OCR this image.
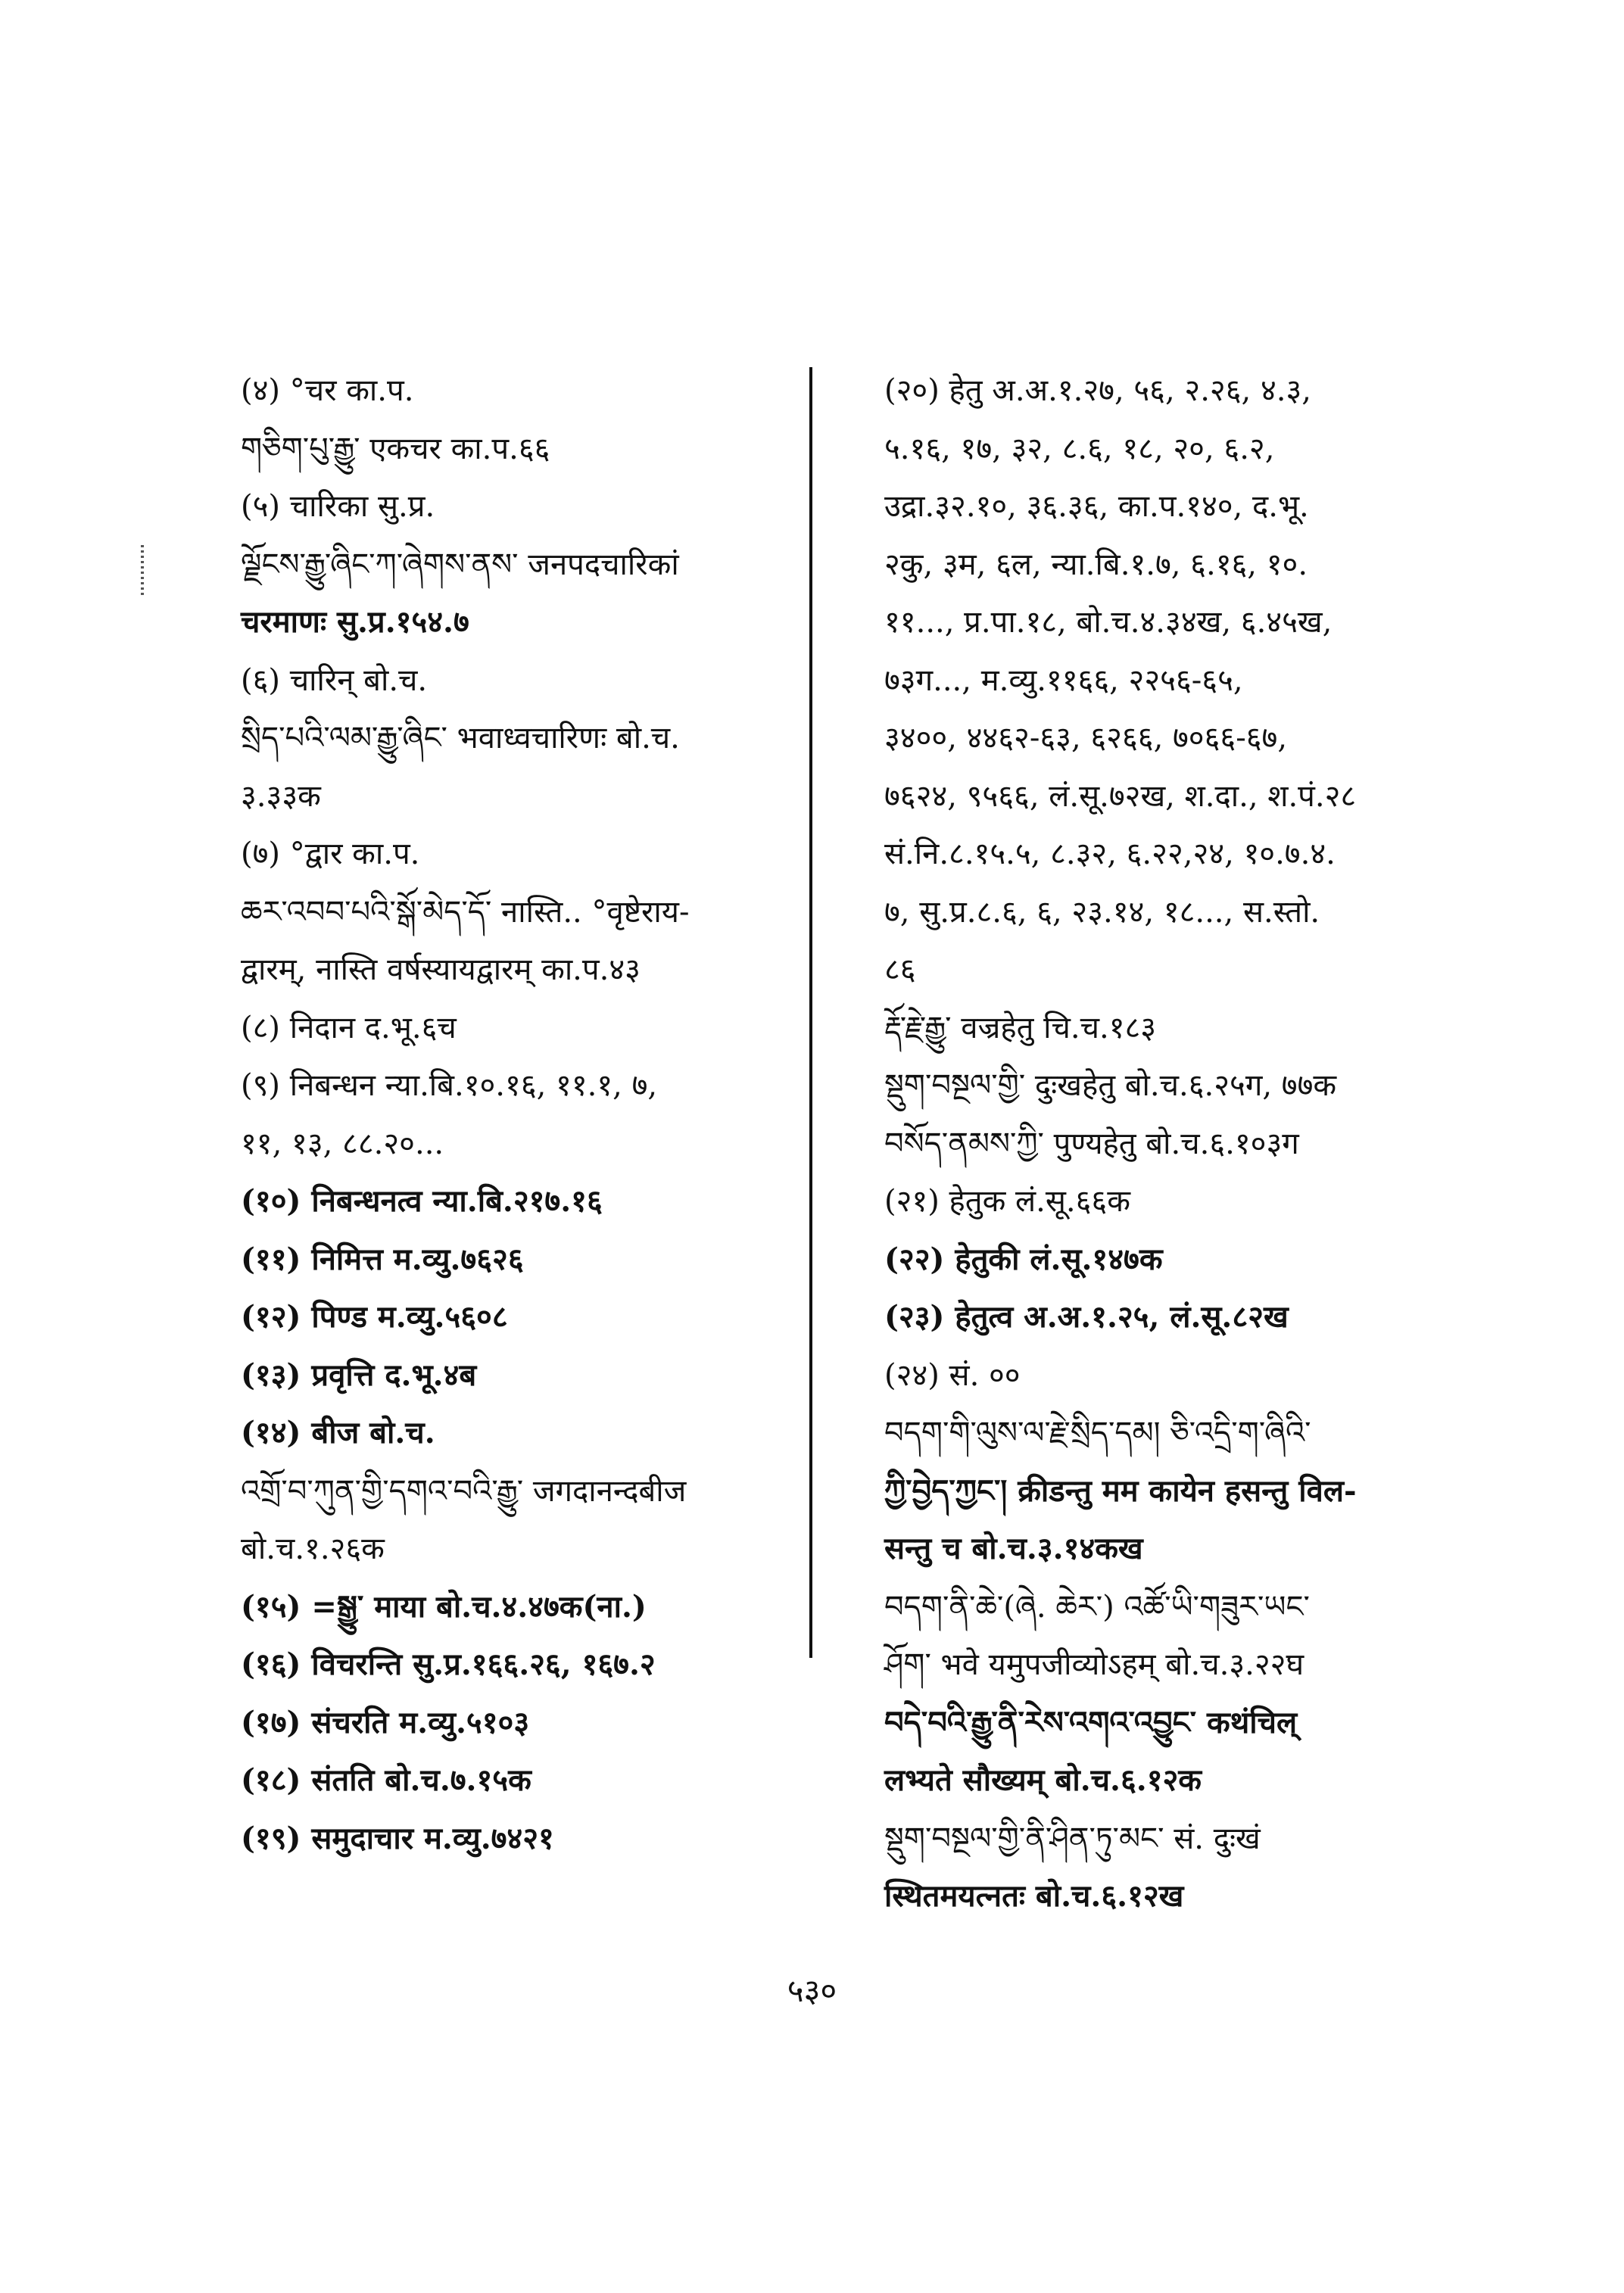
(४) °चर का.प.
གཅིག་པུ་རྒྱུ་ एकचर का.प.६६
(५) चारिका सु.प्र.
ལྗོངས་རྒྱུ་ཞིང་ཀ་ཞེགས་ནས་ जनपदचारिकां
चरमाणः सु.प्र.१५४.७
(६) चारिन् बो.च.
སྲིད་པའི་ལམ་རྒྱུ་ཞིང་ भवाध्वचारिणः बो.च.
३.३३क
(७) °द्वार का.प.
ཆར་འབབ་པའི་སྒོ་མེད་དོ་ नास्ति.. °वृष्टेराय-
द्वारम्, नास्ति वर्षस्यायद्वारम् का.प.४३
(८) निदान द.भू.६च
(९) निबन्धन न्या.बि.१०.१६, ११.१, ७,
११, १३, ८८.२०...
(१०) निबन्धनत्व न्या.बि.२१७.१६
(११) निमित्त म.व्यु.७६२६
(१२) पिण्ड म.व्यु.५६०८
(१३) प्रवृत्ति द.भू.४ब
(१४) बीज बो.च.
འགྲོ་བ་ཀུན་གྱི་དགའ་བའི་རྒྱུ་ जगदानन्दबीज
बो.च.१.२६क
(१५) =སྒྱུ་ माया बो.च.४.४७क(ना.)
(१६) विचरन्ति सु.प्र.१६६.२६, १६७.२
(१७) संचरति म.व्यु.५१०३
(१८) संतति बो.च.७.१५क
(१९) समुदाचार म.व्यु.७४२१
(२०) हेतु अ.अ.१.२७, ५६, २.२६, ४.३,
५.१६, १७, ३२, ८.६, १८, २०, ६.२,
उद्रा.३२.१०, ३६.३६, का.प.१४०, द.भू.
२कु, ३म, ६ल, न्या.बि.१.७, ६.१६, १०.
११..., प्र.पा.१८, बो.च.४.३४ख, ६.४५ख,
७३ग..., म.व्यु.११६६, २२५६-६५,
३४००, ४४६२-६३, ६२६६, ७०६६-६७,
७६२४, ९५६६, लं.सू.७२ख, श.दा., श.पं.२८
सं.नि.८.१५.५, ८.३२, ६.२२,२४, १०.७.४.
७, सु.प्र.८.६, ६, २३.१४, १८..., स.स्तो.
८६
རྡོ་རྗེ་རྒྱུ་ वज्रहेतु चि.च.१८३
སྡུག་བསྔལ་གྱི་ दुःखहेतु बो.च.६.२५ग, ७७क
བསོད་ནམས་ཀྱི་ पुण्यहेतु बो.च.६.१०३ग
(२१) हेतुक लं.सू.६६क
(२२) हेतुकी लं.सू.१४७क
(२३) हेतुत्व अ.अ.१.२५, लं.सू.८२ख
(२४) सं. ००
བདག་གི་ལུས་ལ་རྗེ་སྲིད་དམ། ཅི་འདྲི་ག་ཞིའི་
ཀྱི་བྱེད་ཀྱང་། क्रीडन्तु मम कायेन हसन्तु विल-
सन्तु च बो.च.३.१४कख
བདག་ནི་ཆེ་(ཞེ. ཆེར་) འཚོ་ཡི་གཟུར་ཡང་
ཤོག་ भवे यमुपजीव्योऽहम् बो.च.३.२२घ
བདེ་བའི་རྒྱུ་ནི་རེས་འགའ་འབྱུང་ कथंचिल्
लभ्यते सौख्यम् बो.च.६.१२क
སྡུག་བསྔལ་གྱི་ནི་ཤིན་ཏུ་མང་ सं. दुःखं
स्थितमयत्नतः बो.च.६.१२ख
५३०
